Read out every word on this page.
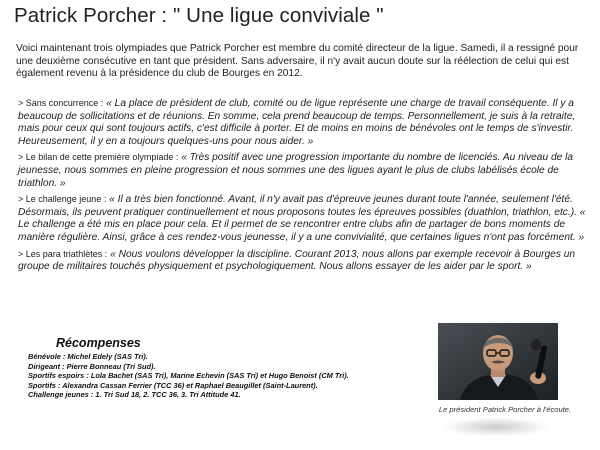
Patrick Porcher : " Une ligue conviviale "

Voici maintenant trois olympiades que Patrick Porcher est membre du comité directeur de la ligue. Samedi, il a ressigné pour une deuxième consécutive en tant que président. Sans adversaire, il n'y avait aucun doute sur la réélection de celui qui est également revenu à la présidence du club de Bourges en 2012.

> Sans concurrence : « La place de président de club, comité ou de ligue représente une charge de travail conséquente. Il y a beaucoup de sollicitations et de réunions. En somme, cela prend beaucoup de temps. Personnellement, je suis à la retraite, mais pour ceux qui sont toujours actifs, c'est difficile à porter. Et de moins en moins de bénévoles ont le temps de s'investir. Heureusement, il y en a toujours quelques-uns pour nous aider. »

> Le bilan de cette première olympiade : « Très positif avec une progression importante du nombre de licenciés. Au niveau de la jeunesse, nous sommes en pleine progression et nous sommes une des ligues ayant le plus de clubs labélisés école de triathlon. »

> Le challenge jeune : « Il a très bien fonctionné. Avant, il n'y avait pas d'épreuve jeunes durant toute l'année, seulement l'été. Désormais, ils peuvent pratiquer continuellement et nous proposons toutes les épreuves possibles (duathlon, triathlon, etc.). « Le challenge a été mis en place pour cela. Et il permet de se rencontrer entre clubs afin de partager de bons moments de manière régulière. Ainsi, grâce à ces rendez-vous jeunesse, il y a une convivialité, que certaines ligues n'ont pas forcément. »

> Les para triathlètes : « Nous voulons développer la discipline. Courant 2013, nous allons par exemple recevoir à Bourges un groupe de militaires touchés physiquement et psychologiquement. Nous allons essayer de les aider par le sport. »

Récompenses
Bénévole : Michel Edely (SAS Tri).
Dirigeant : Pierre Bonneau (Tri Sud).
Sportifs espoirs : Lola Bachet (SAS Tri), Marine Echevin (SAS Tri) et Hugo Benoist (CM Tri).
Sportifs : Alexandra Cassan Ferrier (TCC 36) et Raphael Beaugillet (Saint-Laurent).
Challenge jeunes : 1. Tri Sud 18, 2. TCC 36, 3. Tri Attitude 41.
Le président Patrick Porcher à l'écoute.
